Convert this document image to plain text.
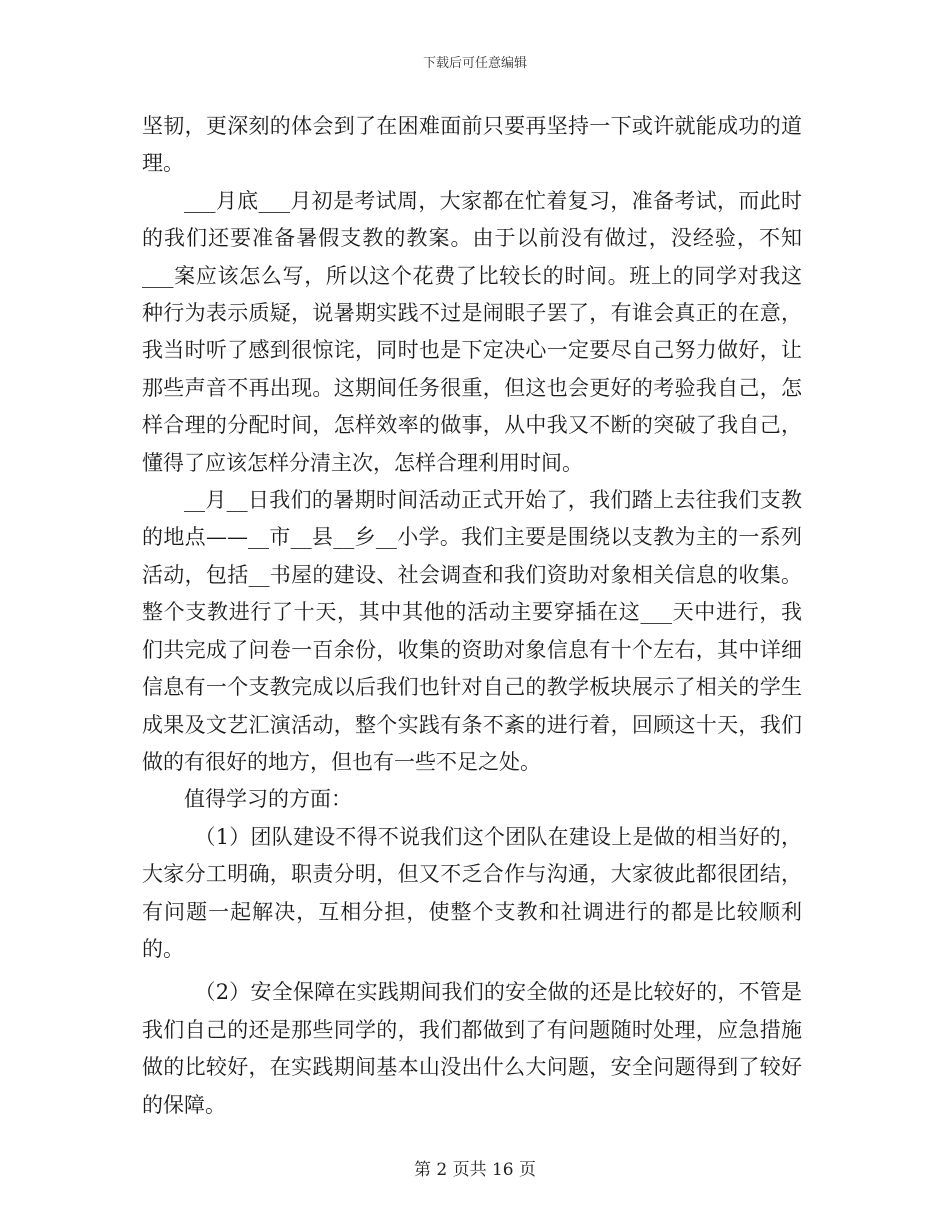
下载后可任意编辑

坚韧，更深刻的体会到了在困难面前只要再坚持一下或许就能成功的道理。

___月底___月初是考试周，大家都在忙着复习，准备考试，而此时的我们还要准备暑假支教的教案。由于以前没有做过，没经验，不知___案应该怎么写，所以这个花费了比较长的时间。班上的同学对我这种行为表示质疑，说暑期实践不过是闹眼子罢了，有谁会真正的在意，我当时听了感到很惊诧，同时也是下定决心一定要尽自己努力做好，让那些声音不再出现。这期间任务很重，但这也会更好的考验我自己，怎样合理的分配时间，怎样效率的做事，从中我又不断的突破了我自己，懂得了应该怎样分清主次，怎样合理利用时间。

__月__日我们的暑期时间活动正式开始了，我们踏上去往我们支教的地点——__市__县__乡__小学。我们主要是围绕以支教为主的一系列活动，包括__书屋的建设、社会调查和我们资助对象相关信息的收集。整个支教进行了十天，其中其他的活动主要穿插在这___天中进行，我们共完成了问卷一百余份，收集的资助对象信息有十个左右，其中详细信息有一个支教完成以后我们也针对自己的教学板块展示了相关的学生成果及文艺汇演活动，整个实践有条不紊的进行着，回顾这十天，我们做的有很好的地方，但也有一些不足之处。

值得学习的方面：

（1）团队建设不得不说我们这个团队在建设上是做的相当好的，大家分工明确，职责分明，但又不乏合作与沟通，大家彼此都很团结，有问题一起解决，互相分担，使整个支教和社调进行的都是比较顺利的。

（2）安全保障在实践期间我们的安全做的还是比较好的，不管是我们自己的还是那些同学的，我们都做到了有问题随时处理，应急措施做的比较好，在实践期间基本山没出什么大问题，安全问题得到了较好的保障。

第 2 页共 16 页
